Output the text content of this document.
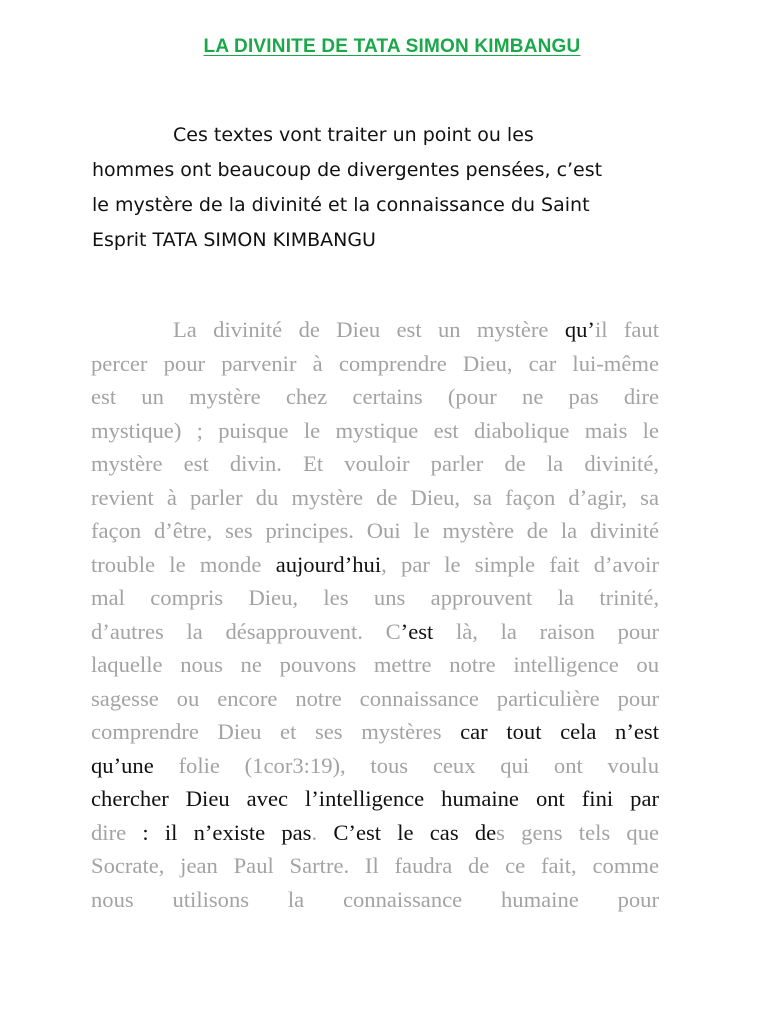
LA DIVINITE DE TATA SIMON KIMBANGU
Ces textes vont traiter un point ou les
hommes ont beaucoup de divergentes pensées, c’est
le mystère de la divinité et la connaissance du Saint
Esprit TATA SIMON KIMBANGU
La divinité de Dieu est un mystère qu’il faut
percer pour parvenir à comprendre Dieu, car lui-même
est un mystère chez certains (pour ne pas dire
mystique) ; puisque le mystique est diabolique mais le
mystère est divin. Et vouloir parler de la divinité,
revient à parler du mystère de Dieu, sa façon d’agir, sa
façon d’être, ses principes. Oui le mystère de la divinité
trouble le monde aujourd’hui, par le simple fait d’avoir
mal compris Dieu, les uns approuvent la trinité,
d’autres la désapprouvent. C’est là, la raison pour
laquelle nous ne pouvons mettre notre intelligence ou
sagesse ou encore notre connaissance particulière pour
comprendre Dieu et ses mystères car tout cela n’est
qu’une folie (1cor3:19), tous ceux qui ont voulu
chercher Dieu avec l’intelligence humaine ont fini par
dire : il n’existe pas. C’est le cas des gens tels que
Socrate, jean Paul Sartre. Il faudra de ce fait, comme
nous utilisons la connaissance humaine pour
